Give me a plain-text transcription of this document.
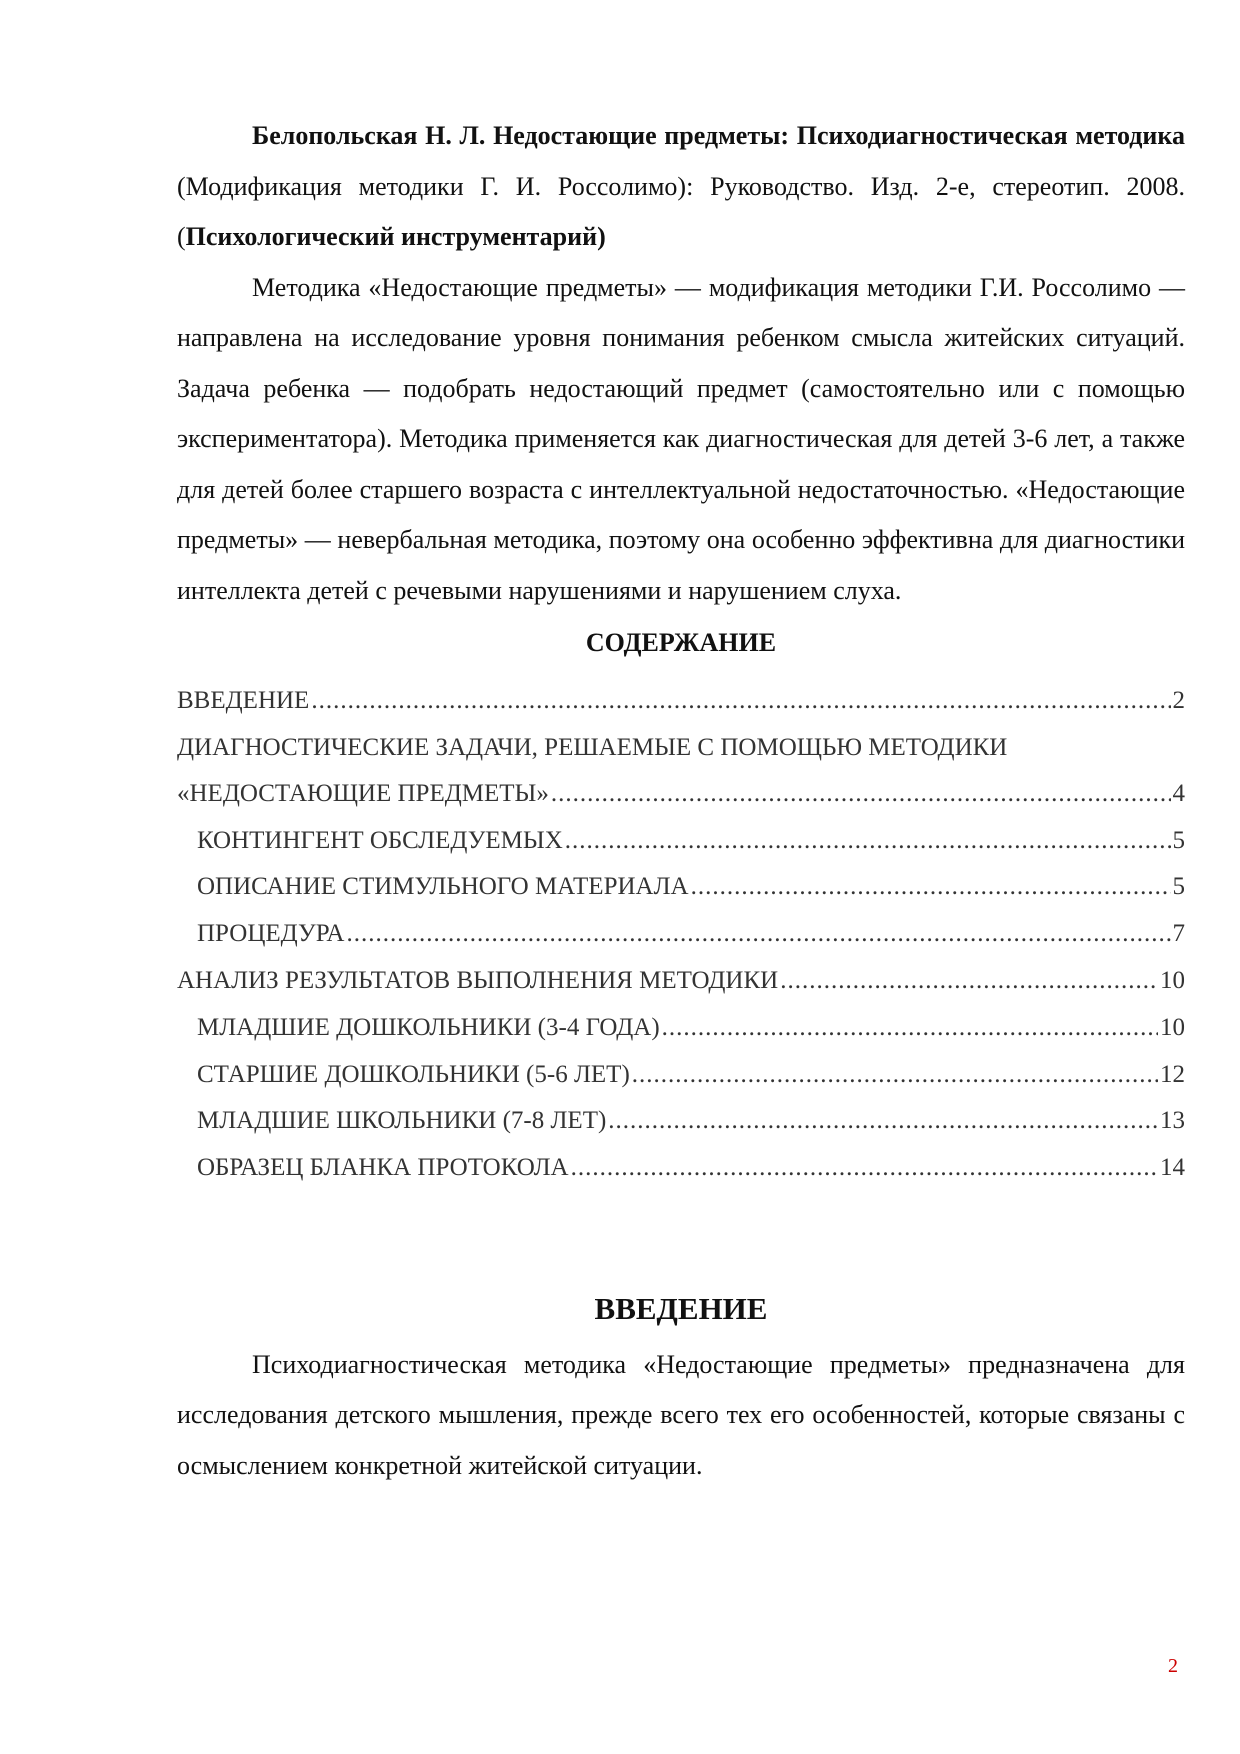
Белопольская Н. Л. Недостающие предметы: Психодиагностическая методика (Модификация методики Г. И. Россолимо): Руководство. Изд. 2-е, стереотип. 2008. (Психологический инструментарий)

Методика «Недостающие предметы» — модификация методики Г.И. Россолимо — направлена на исследование уровня понимания ребенком смысла житейских ситуаций. Задача ребенка — подобрать недостающий предмет (самостоятельно или с помощью экспериментатора). Методика применяется как диагностическая для детей 3-6 лет, а также для детей более старшего возраста с интеллектуальной недостаточностью. «Недостающие предметы» — невербальная методика, поэтому она особенно эффективна для диагностики интеллекта детей с речевыми нарушениями и нарушением слуха.

СОДЕРЖАНИЕ
ВВЕДЕНИЕ .....	2
ДИАГНОСТИЧЕСКИЕ ЗАДАЧИ, РЕШАЕМЫЕ С ПОМОЩЬЮ МЕТОДИКИ
«НЕДОСТАЮЩИЕ ПРЕДМЕТЫ» .....	4
КОНТИНГЕНТ ОБСЛЕДУЕМЫХ .....	5
ОПИСАНИЕ СТИМУЛЬНОГО МАТЕРИАЛА .....	5
ПРОЦЕДУРА .....	7
АНАЛИЗ РЕЗУЛЬТАТОВ ВЫПОЛНЕНИЯ МЕТОДИКИ .....	10
МЛАДШИЕ ДОШКОЛЬНИКИ (3-4 ГОДА) .....	10
СТАРШИЕ ДОШКОЛЬНИКИ (5-6 ЛЕТ) .....	12
МЛАДШИЕ ШКОЛЬНИКИ (7-8 ЛЕТ) .....	13
ОБРАЗЕЦ БЛАНКА ПРОТОКОЛА .....	14
ВВЕДЕНИЕ

Психодиагностическая методика «Недостающие предметы» предназначена для исследования детского мышления, прежде всего тех его особенностей, которые связаны с осмыслением конкретной житейской ситуации.

2
